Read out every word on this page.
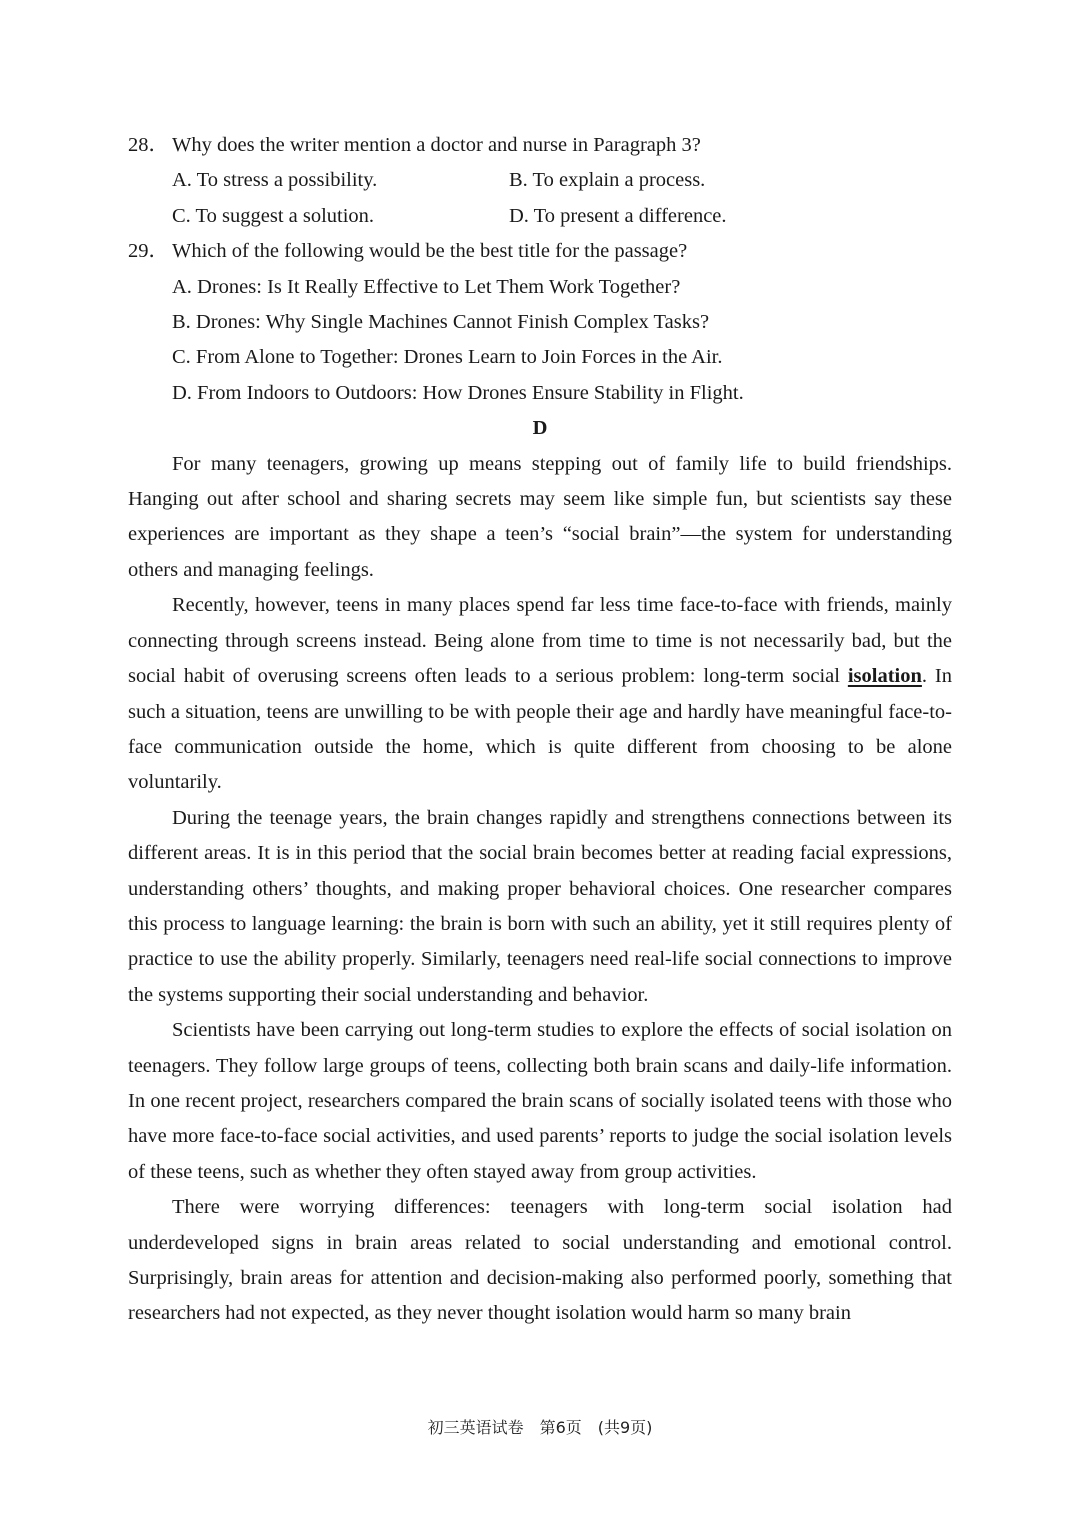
28． Why does the writer mention a doctor and nurse in Paragraph 3?
A. To stress a possibility.	B. To explain a process.
C. To suggest a solution.	D. To present a difference.
29． Which of the following would be the best title for the passage?
A. Drones: Is It Really Effective to Let Them Work Together?
B. Drones: Why Single Machines Cannot Finish Complex Tasks?
C. From Alone to Together: Drones Learn to Join Forces in the Air.
D. From Indoors to Outdoors: How Drones Ensure Stability in Flight.
D

For many teenagers, growing up means stepping out of family life to build friendships. Hanging out after school and sharing secrets may seem like simple fun, but scientists say these experiences are important as they shape a teen’s “social brain”—the system for understanding others and managing feelings.

Recently, however, teens in many places spend far less time face-to-face with friends, mainly connecting through screens instead. Being alone from time to time is not necessarily bad, but the social habit of overusing screens often leads to a serious problem: long-term social isolation. In such a situation, teens are unwilling to be with people their age and hardly have meaningful face-to-face communication outside the home, which is quite different from choosing to be alone voluntarily.

During the teenage years, the brain changes rapidly and strengthens connections between its different areas. It is in this period that the social brain becomes better at reading facial expressions, understanding others’ thoughts, and making proper behavioral choices. One researcher compares this process to language learning: the brain is born with such an ability, yet it still requires plenty of practice to use the ability properly. Similarly, teenagers need real-life social connections to improve the systems supporting their social understanding and behavior.

Scientists have been carrying out long-term studies to explore the effects of social isolation on teenagers. They follow large groups of teens, collecting both brain scans and daily-life information. In one recent project, researchers compared the brain scans of socially isolated teens with those who have more face-to-face social activities, and used parents’ reports to judge the social isolation levels of these teens, such as whether they often stayed away from group activities.

There were worrying differences: teenagers with long-term social isolation had underdeveloped signs in brain areas related to social understanding and emotional control. Surprisingly, brain areas for attention and decision-making also performed poorly, something that researchers had not expected, as they never thought isolation would harm so many brain

初三英语试卷　第6页　(共9页)
